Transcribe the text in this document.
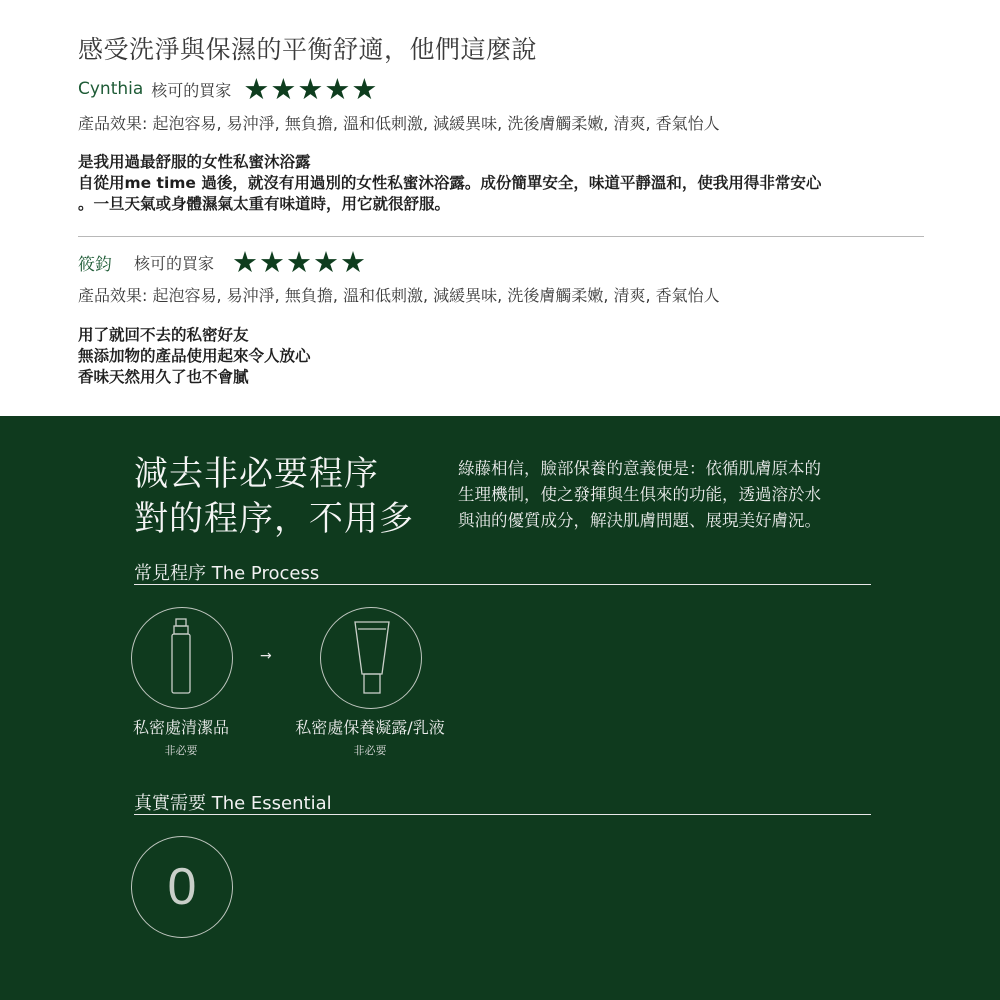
感受洗淨與保濕的平衡舒適，他們這麼說
Cynthia 核可的買家 ★ ★ ★ ★ ★
產品效果: 起泡容易, 易沖淨, 無負擔, 溫和低刺激, 減緩異味, 洗後膚觸柔嫩, 清爽, 香氣怡人
是我用過最舒服的女性私蜜沐浴露
自從用me time 過後，就沒有用過別的女性私蜜沐浴露。成份簡單安全，味道平靜溫和，使我用得非常安心
。一旦天氣或身體濕氣太重有味道時，用它就很舒服。
筱鈞 核可的買家 ★ ★ ★ ★ ★
產品效果: 起泡容易, 易沖淨, 無負擔, 溫和低刺激, 減緩異味, 洗後膚觸柔嫩, 清爽, 香氣怡人
用了就回不去的私密好友
無添加物的產品使用起來令人放心
香味天然用久了也不會膩
減去非必要程序
對的程序，不用多
綠藤相信，臉部保養的意義便是：依循肌膚原本的
生理機制，使之發揮與生俱來的功能，透過溶於水
與油的優質成分，解決肌膚問題、展現美好膚況。
常見程序 The Process
→
私密處清潔品
非必要
私密處保養凝露/乳液
非必要
真實需要 The Essential
0
